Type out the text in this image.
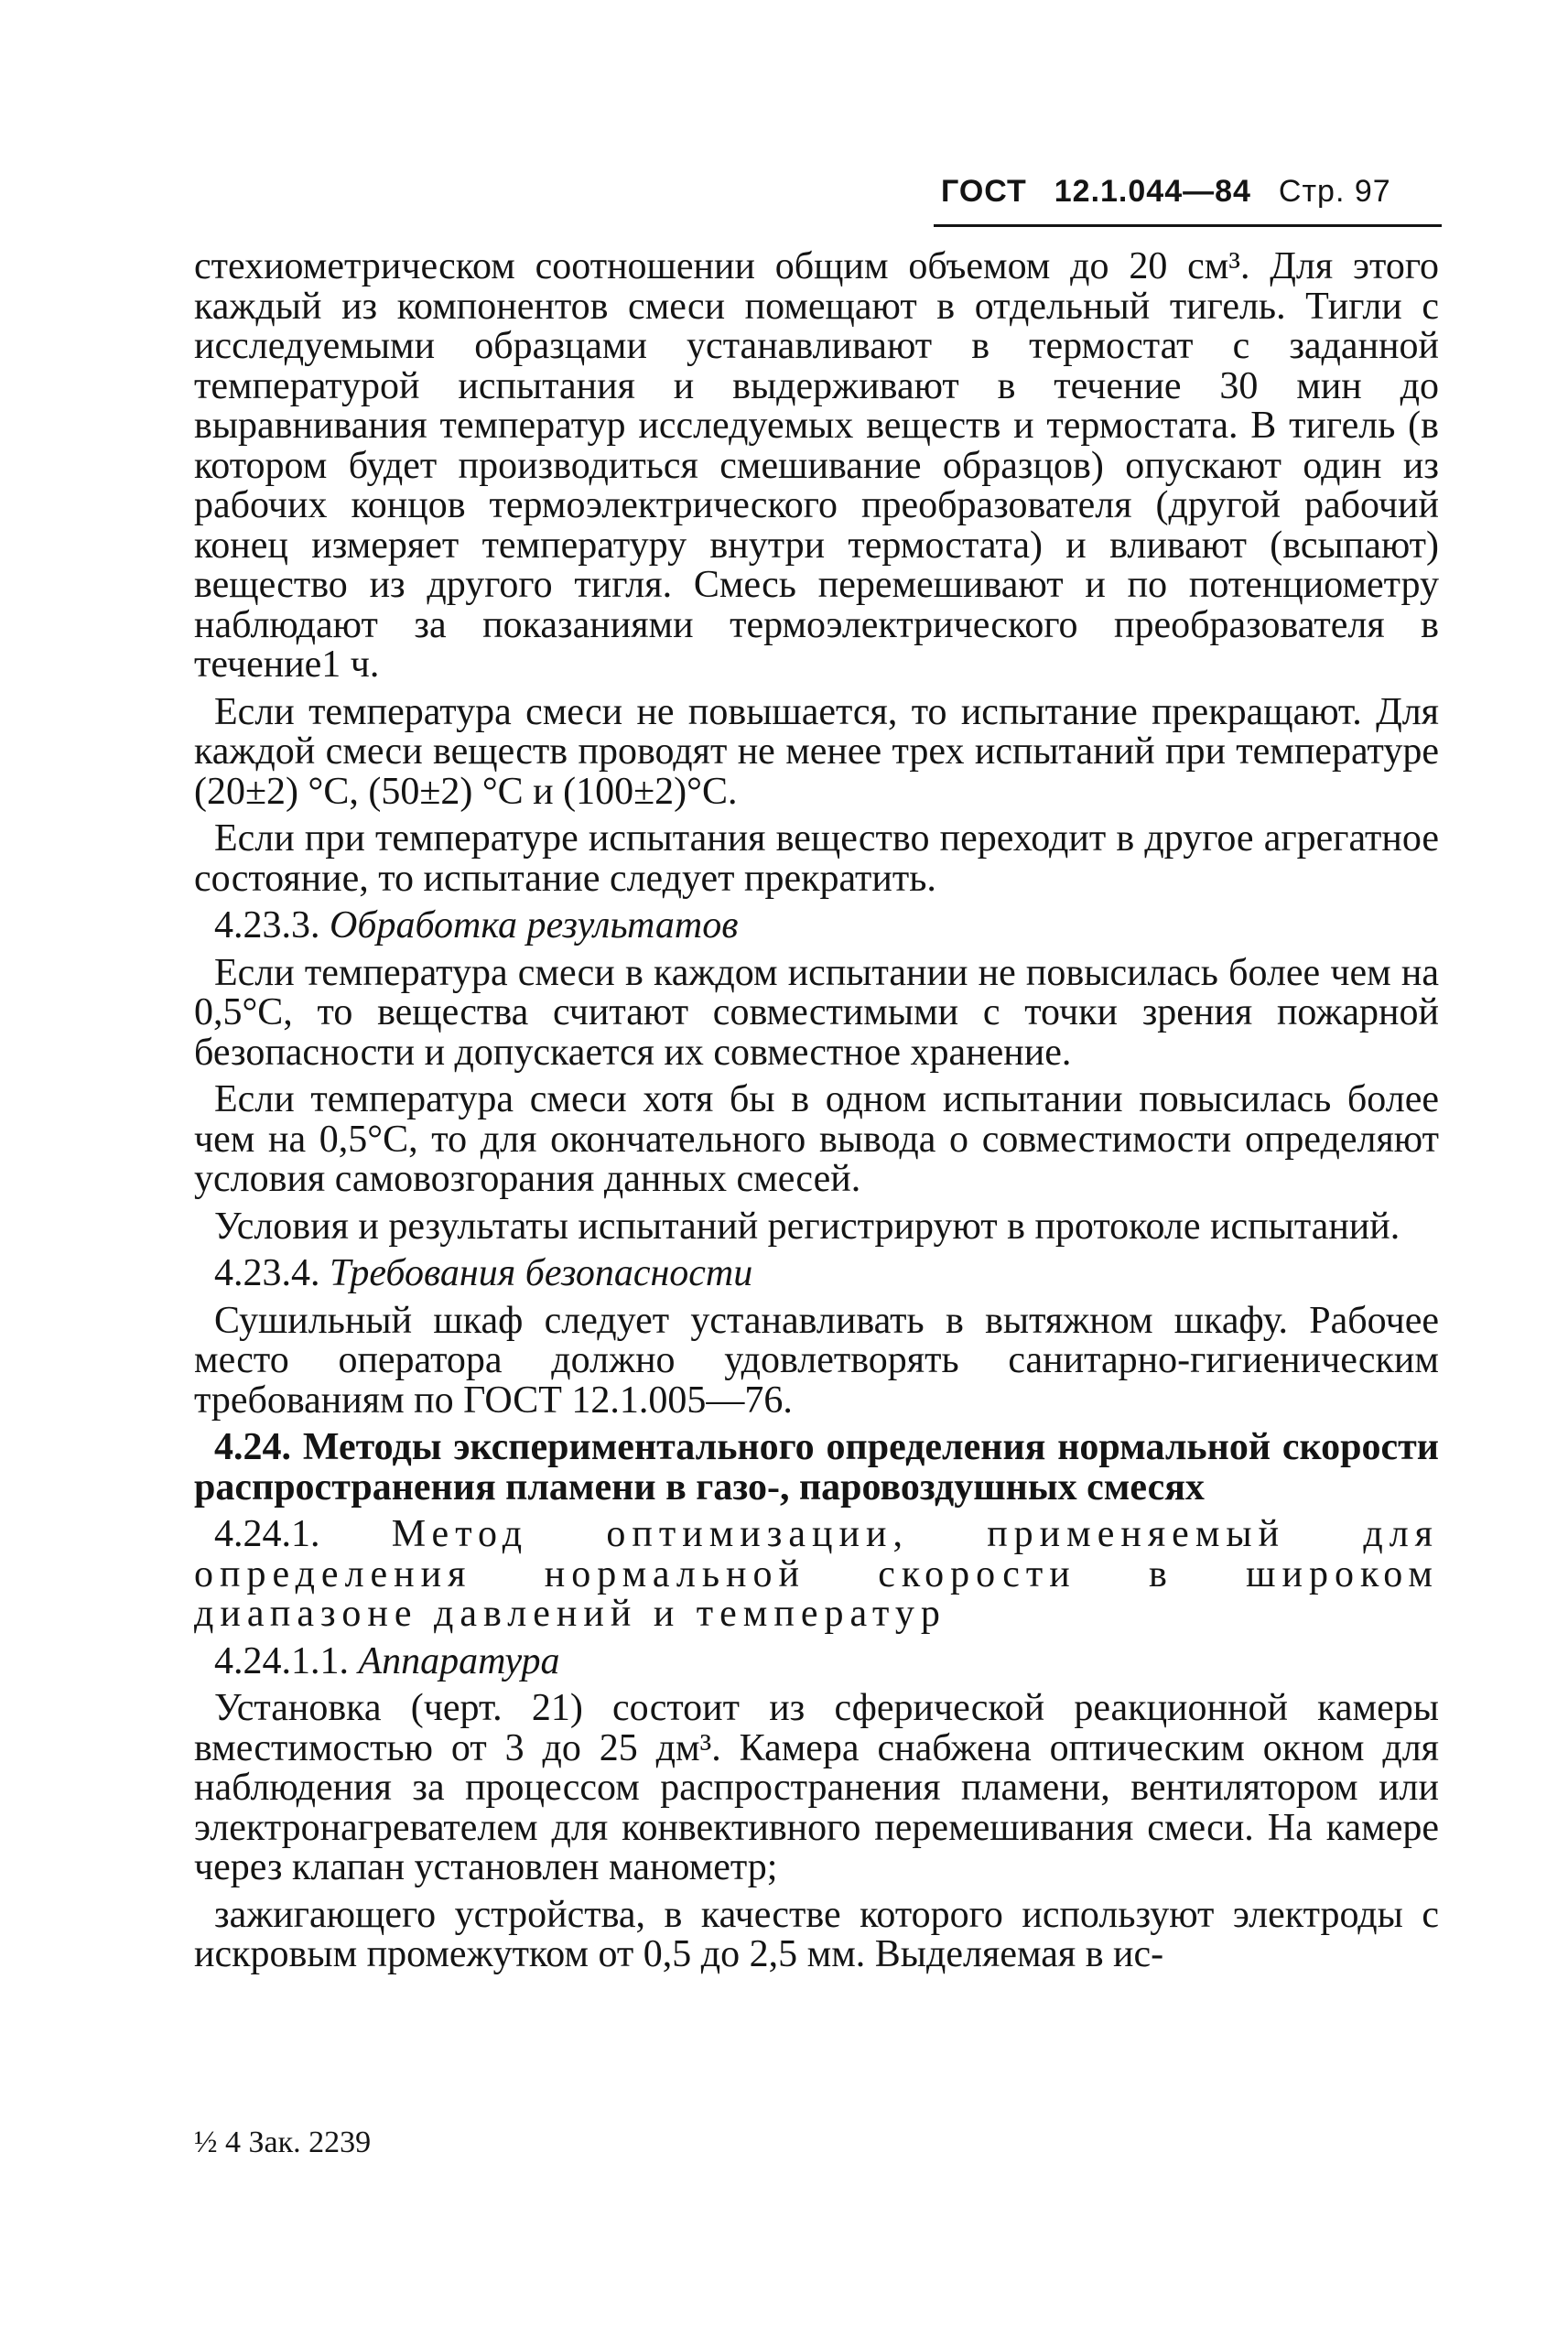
ГОСТ 12.1.044—84 Стр. 97

стехиометрическом соотношении общим объемом до 20 см³. Для этого каждый из компонентов смеси помещают в отдельный тигель. Тигли с исследуемыми образцами устанавливают в термостат с заданной температурой испытания и выдерживают в течение 30 мин до выравнивания температур исследуемых веществ и термостата. В тигель (в котором будет производиться смешивание образцов) опускают один из рабочих концов термоэлектрического преобразователя (другой рабочий конец измеряет температуру внутри термостата) и вливают (всыпают) вещество из другого тигля. Смесь перемешивают и по потенциометру наблюдают за показаниями термоэлектрического преобразователя в течение1 ч.

Если температура смеси не повышается, то испытание прекращают. Для каждой смеси веществ проводят не менее трех испытаний при температуре (20±2) °С, (50±2) °С и (100±2)°С.

Если при температуре испытания вещество переходит в другое агрегатное состояние, то испытание следует прекратить.

4.23.3. Обработка результатов

Если температура смеси в каждом испытании не повысилась более чем на 0,5°С, то вещества считают совместимыми с точки зрения пожарной безопасности и допускается их совместное хранение.

Если температура смеси хотя бы в одном испытании повысилась более чем на 0,5°С, то для окончательного вывода о совместимости определяют условия самовозгорания данных смесей.

Условия и результаты испытаний регистрируют в протоколе испытаний.

4.23.4. Требования безопасности

Сушильный шкаф следует устанавливать в вытяжном шкафу. Рабочее место оператора должно удовлетворять санитарно-гигиеническим требованиям по ГОСТ 12.1.005—76.

4.24. Методы экспериментального определения нормальной скорости распространения пламени в газо-, паровоздушных смесях

4.24.1. Метод оптимизации, применяемый для определения нормальной скорости в широком диапазоне давлений и температур

4.24.1.1. Аппаратура

Установка (черт. 21) состоит из сферической реакционной камеры вместимостью от 3 до 25 дм³. Камера снабжена оптическим окном для наблюдения за процессом распространения пламени, вентилятором или электронагревателем для конвективного перемешивания смеси. На камере через клапан установлен манометр;

зажигающего устройства, в качестве которого используют электроды с искровым промежутком от 0,5 до 2,5 мм. Выделяемая в ис-

½ 4 Зак. 2239
